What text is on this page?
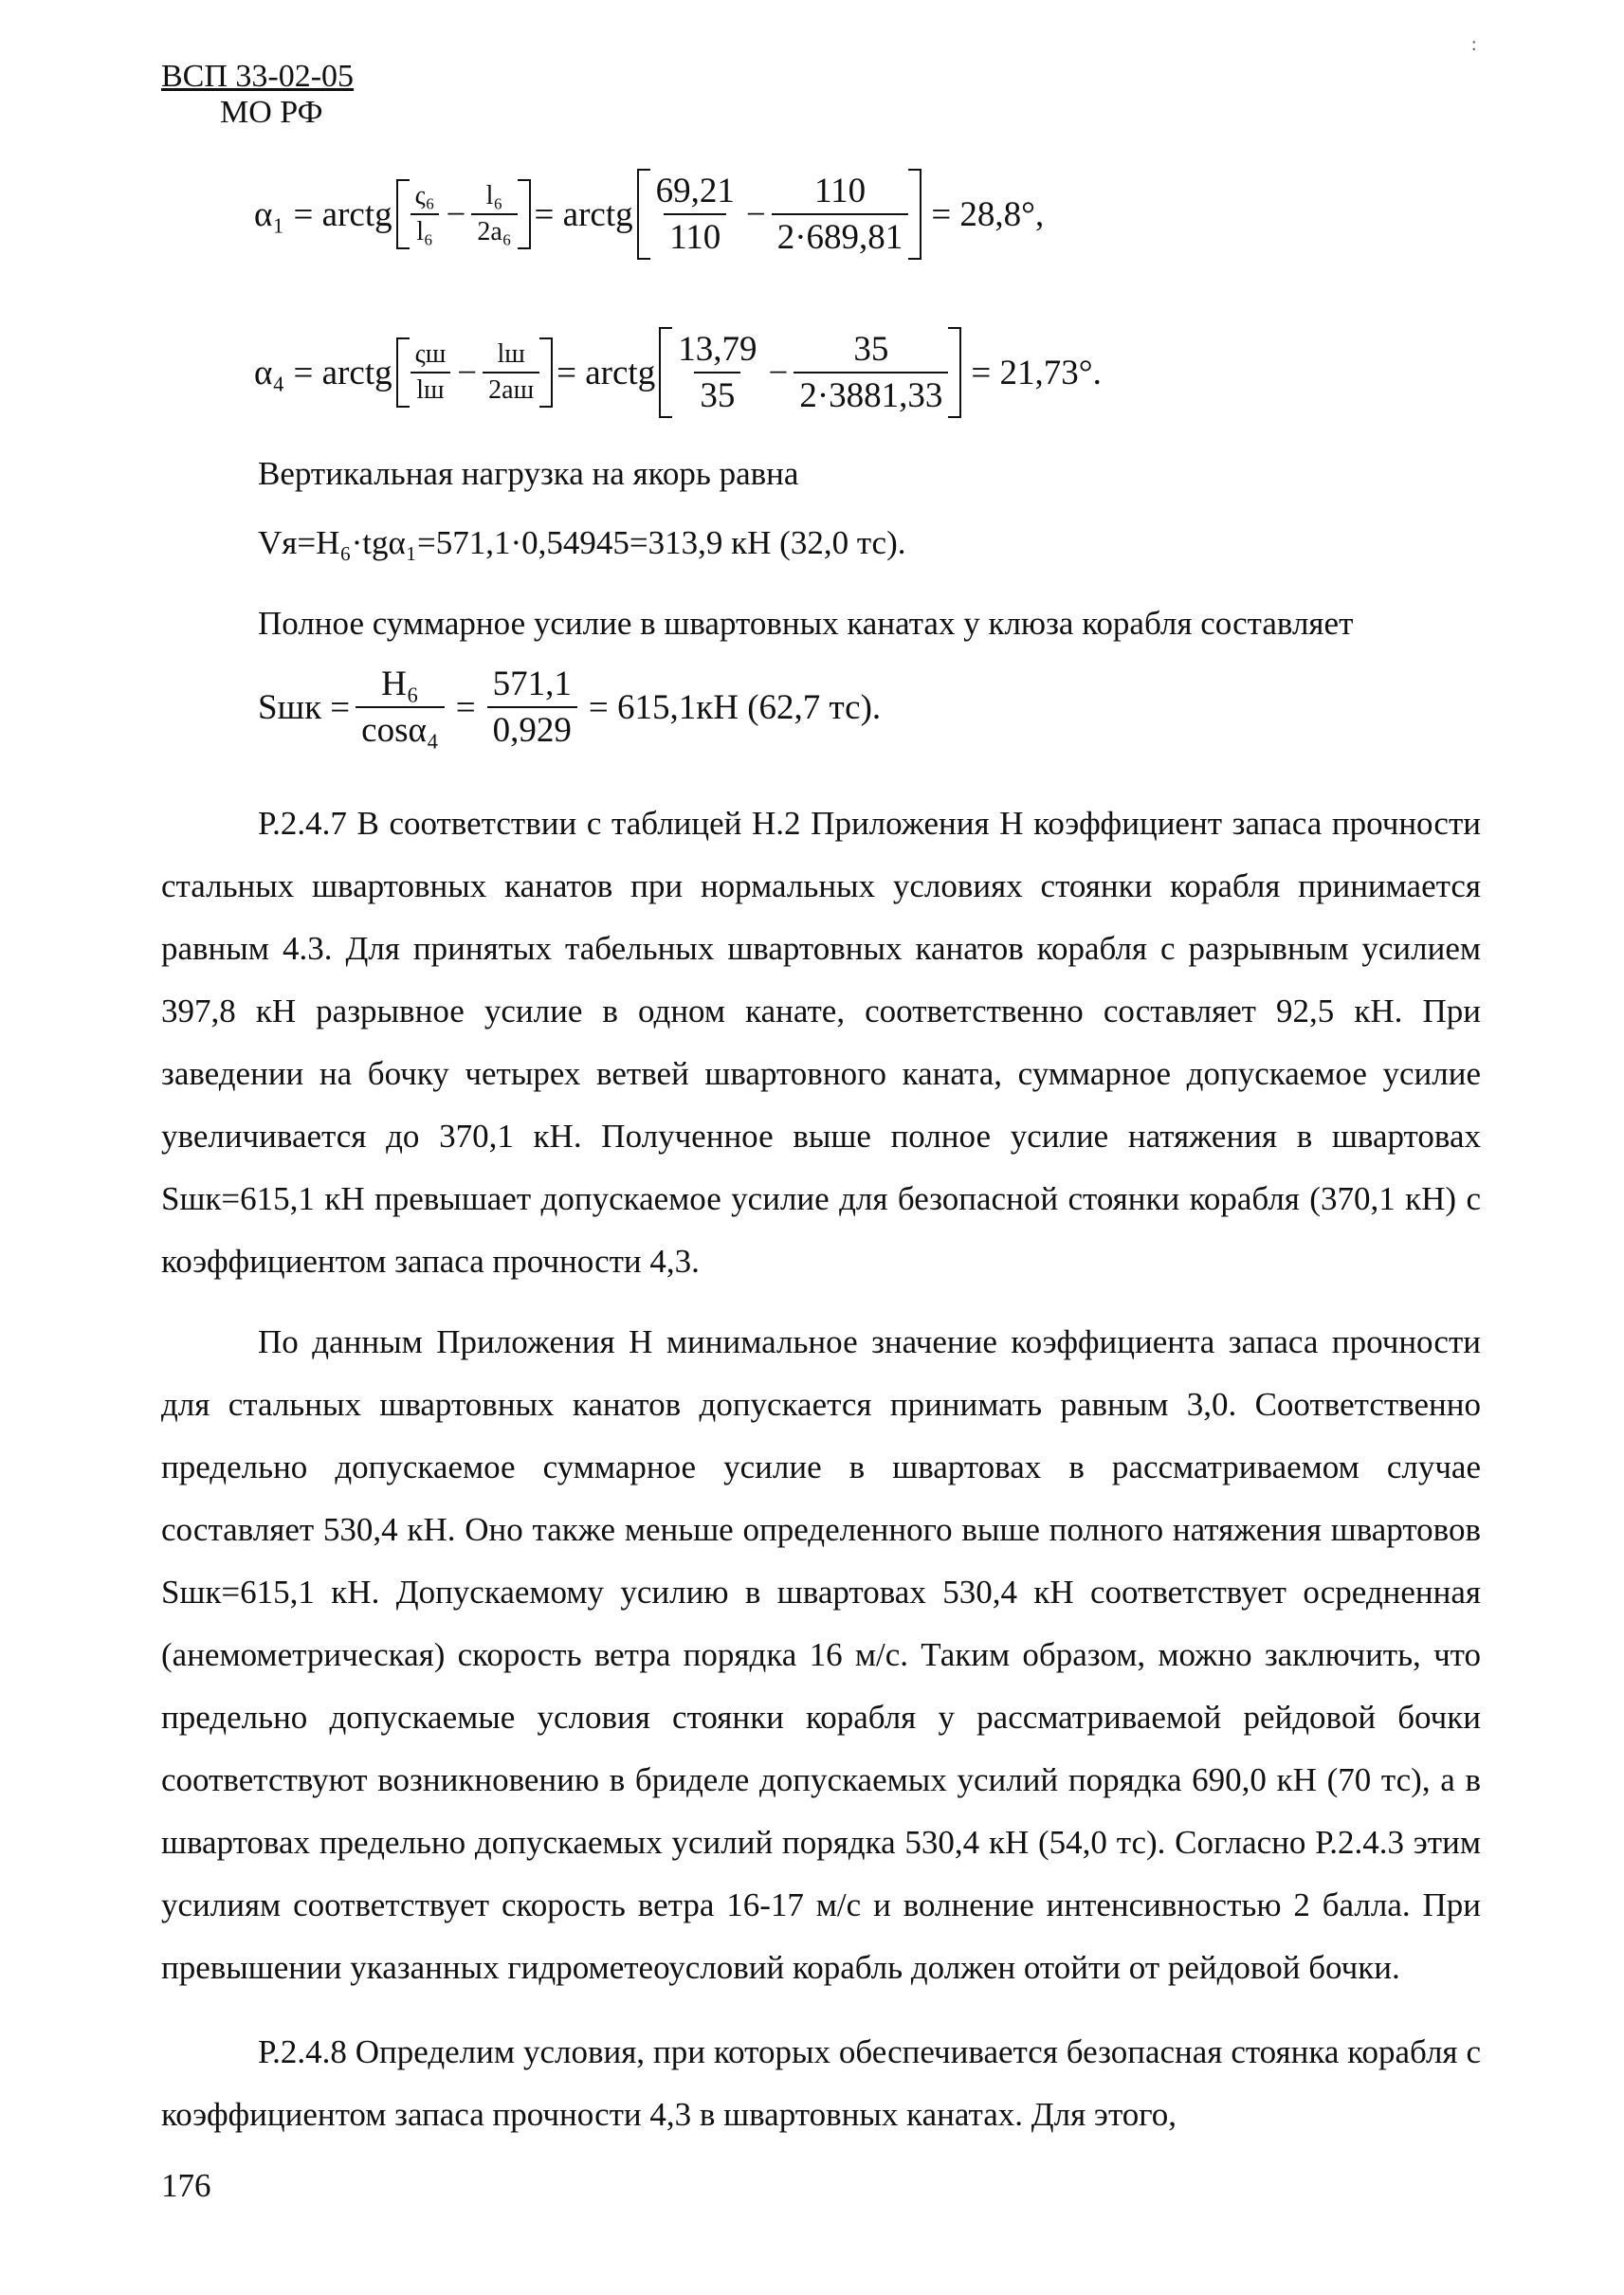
ВСП 33-02-05
МО РФ
:
α₁ = arctg $\frac{\text{ς₆}}{\text{l₆}} - \frac{\text{l₆}}{\text{2a₆}}$ = arctg $\frac{69,21}{110} - \frac{110}{2\cdot 689,81} = 28,8^\circ$,
α₄ = arctg $\frac{\varsigma ш}{lш} - \frac{lш}{2aш}$ = arctg $\frac{13,79}{35} - \frac{35}{2\cdot 3881,33} = 21,73^\circ$.
Вертикальная нагрузка на якорь равна
Vя=H₆·tgα₁=571,1·0,54945=313,9 кН (32,0 тс).
Полное суммарное усилие в швартовных канатах у клюза корабля составляет
Sшк = $\frac{\text{H₆}}{\text{cosα₄}} = \frac{571,1}{0,929} = 615,1кН$ (62,7 тс).

Р.2.4.7 В соответствии с таблицей Н.2 Приложения Н коэффициент запаса прочности стальных швартовных канатов при нормальных условиях стоянки корабля принимается равным 4.3. Для принятых табельных швартовных канатов корабля с разрывным усилием 397,8 кН разрывное усилие в одном канате, соответственно составляет 92,5 кН. При заведении на бочку четырех ветвей швартовного каната, суммарное допускаемое усилие увеличивается до 370,1 кН. Полученное выше полное усилие натяжения в швартовах Sшк=615,1 кН превышает допускаемое усилие для безопасной стоянки корабля (370,1 кН) с коэффициентом запаса прочности 4,3.

По данным Приложения Н минимальное значение коэффициента запаса прочности для стальных швартовных канатов допускается принимать равным 3,0. Соответственно предельно допускаемое суммарное усилие в швартовах в рассматриваемом случае составляет 530,4 кН. Оно также меньше определенного выше полного натяжения швартовов Sшк=615,1 кН. Допускаемому усилию в швартовах 530,4 кН соответствует осредненная (анемометрическая) скорость ветра порядка 16 м/с. Таким образом, можно заключить, что предельно допускаемые условия стоянки корабля у рассматриваемой рейдовой бочки соответствуют возникновению в бриделе допускаемых усилий порядка 690,0 кН (70 тс), а в швартовах предельно допускаемых усилий порядка 530,4 кН (54,0 тс). Согласно Р.2.4.3 этим усилиям соответствует скорость ветра 16-17 м/с и волнение интенсивностью 2 балла. При превышении указанных гидрометеоусловий корабль должен отойти от рейдовой бочки.

Р.2.4.8 Определим условия, при которых обеспечивается безопасная стоянка корабля с коэффициентом запаса прочности 4,3 в швартовных канатах. Для этого,

176
